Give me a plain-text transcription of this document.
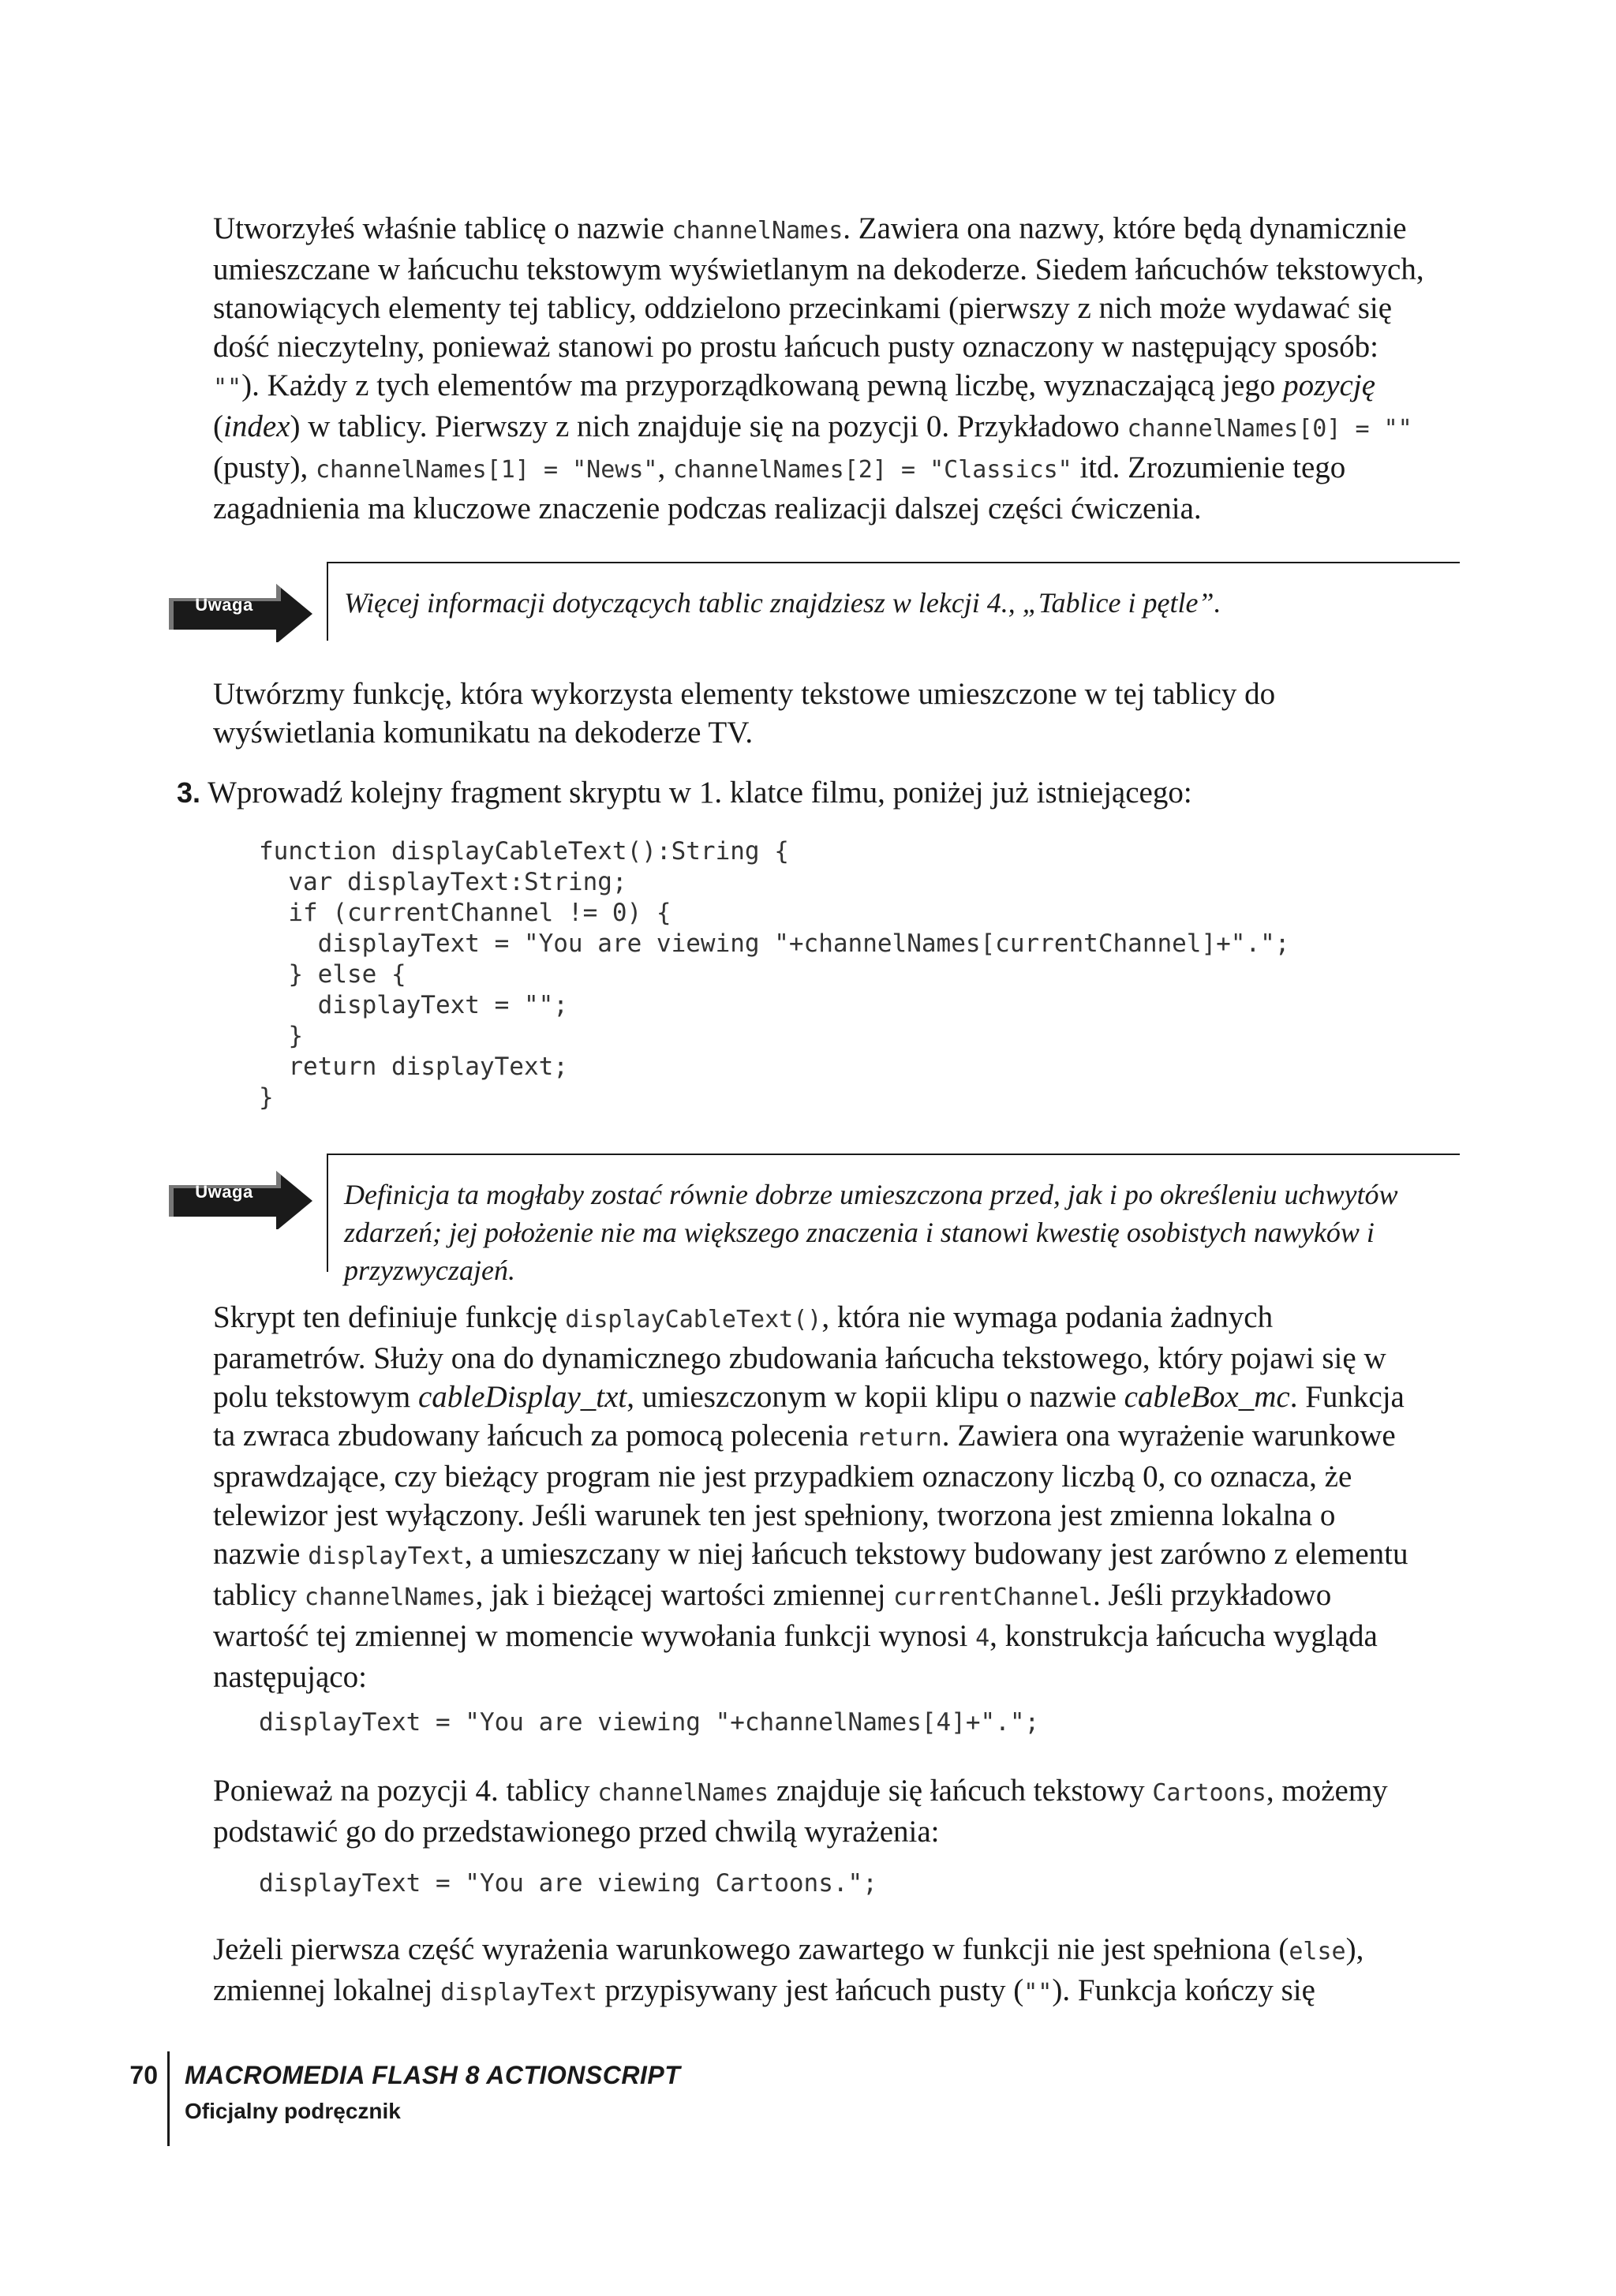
Utworzyłeś właśnie tablicę o nazwie channelNames. Zawiera ona nazwy, które będą dynamicznie umieszczane w łańcuchu tekstowym wyświetlanym na dekoderze. Siedem łańcuchów tekstowych, stanowiących elementy tej tablicy, oddzielono przecinkami (pierwszy z nich może wydawać się dość nieczytelny, ponieważ stanowi po prostu łańcuch pusty oznaczony w następujący sposób: ""). Każdy z tych elementów ma przyporządkowaną pewną liczbę, wyznaczającą jego pozycję (index) w tablicy. Pierwszy z nich znajduje się na pozycji 0. Przykładowo channelNames[0] = "" (pusty), channelNames[1] = "News", channelNames[2] = "Classics" itd. Zrozumienie tego zagadnienia ma kluczowe znaczenie podczas realizacji dalszej części ćwiczenia.

Uwaga	Więcej informacji dotyczących tablic znajdziesz w lekcji 4., „Tablice i pętle”.

Utwórzmy funkcję, która wykorzysta elementy tekstowe umieszczone w tej tablicy do wyświetlania komunikatu na dekoderze TV.

3. Wprowadź kolejny fragment skryptu w 1. klatce filmu, poniżej już istniejącego:

function displayCableText():String {
var displayText:String;
if (currentChannel != 0) {
displayText = "You are viewing "+channelNames[currentChannel]+".";
} else {
displayText = "";
}
return displayText;
}
Uwaga	Definicja ta mogłaby zostać równie dobrze umieszczona przed, jak i po określeniu uchwytów zdarzeń; jej położenie nie ma większego znaczenia i stanowi kwestię osobistych nawyków i przyzwyczajeń.

Skrypt ten definiuje funkcję displayCableText(), która nie wymaga podania żadnych parametrów. Służy ona do dynamicznego zbudowania łańcucha tekstowego, który pojawi się w polu tekstowym cableDisplay_txt, umieszczonym w kopii klipu o nazwie cableBox_mc. Funkcja ta zwraca zbudowany łańcuch za pomocą polecenia return. Zawiera ona wyrażenie warunkowe sprawdzające, czy bieżący program nie jest przypadkiem oznaczony liczbą 0, co oznacza, że telewizor jest wyłączony. Jeśli warunek ten jest spełniony, tworzona jest zmienna lokalna o nazwie displayText, a umieszczany w niej łańcuch tekstowy budowany jest zarówno z elementu tablicy channelNames, jak i bieżącej wartości zmiennej currentChannel. Jeśli przykładowo wartość tej zmiennej w momencie wywołania funkcji wynosi 4, konstrukcja łańcucha wygląda następująco:

displayText = "You are viewing "+channelNames[4]+".";

Ponieważ na pozycji 4. tablicy channelNames znajduje się łańcuch tekstowy Cartoons, możemy podstawić go do przedstawionego przed chwilą wyrażenia:

displayText = "You are viewing Cartoons.";

Jeżeli pierwsza część wyrażenia warunkowego zawartego w funkcji nie jest spełniona (else), zmiennej lokalnej displayText przypisywany jest łańcuch pusty (""). Funkcja kończy się

70 MACROMEDIA FLASH 8 ACTIONSCRIPT
Oficjalny podręcznik
